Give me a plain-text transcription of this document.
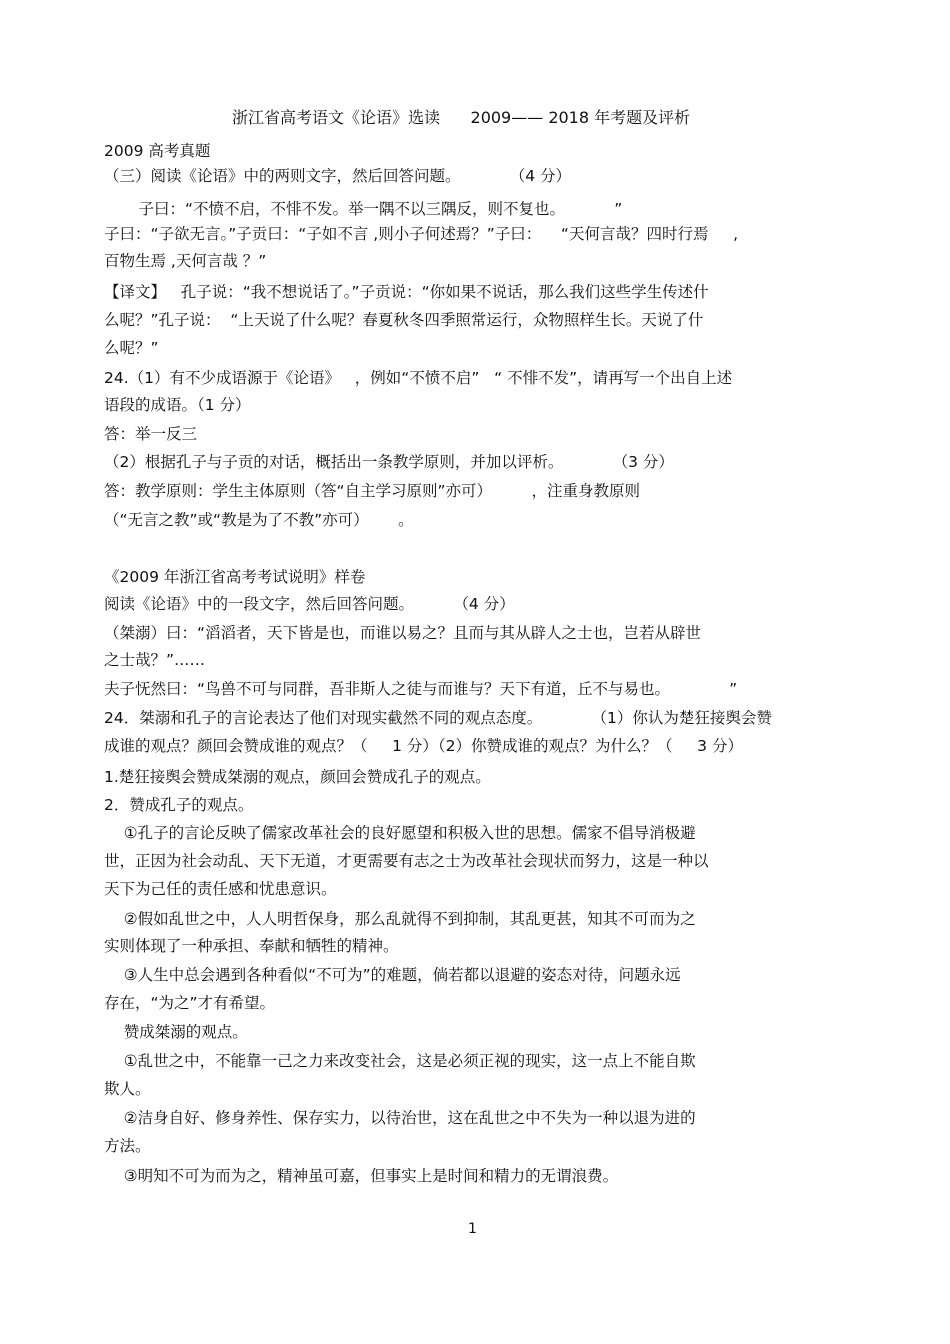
浙江省高考语文《论语》选读      2009—— 2018 年考题及评析
2009 高考真题
（三）阅读《论语》中的两则文字，然后回答问题。          （4 分）
子曰：“不愤不启，不悱不发。举一隅不以三隅反，则不复也。          ”
子曰：“子欲无言。”子贡曰：“子如不言 ,则小子何述焉？”子曰：    “天何言哉？四时行焉     ,
百物生焉 ,天何言哉 ？”
【译文】   孔子说：“我不想说话了。”子贡说：“你如果不说话，那么我们这些学生传述什
么呢？”孔子说：  “上天说了什么呢？春夏秋冬四季照常运行，众物照样生长。天说了什
么呢？”
24.（1）有不少成语源于《论语》   ，例如“不愤不启”   “ 不悱不发”，请再写一个出自上述
语段的成语。（1 分）
答：举一反三
（2）根据孔子与子贡的对话，概括出一条教学原则，并加以评析。          （3 分）
答：教学原则：学生主体原则（答“自主学习原则”亦可）        ，注重身教原则
（“无言之教”或“教是为了不教”亦可）      。
《2009 年浙江省高考考试说明》样卷
阅读《论语》中的一段文字，然后回答问题。        （4 分）
（桀溺）曰：“滔滔者，天下皆是也，而谁以易之？且而与其从辟人之士也，岂若从辟世
之士哉？”……
夫子怃然曰：“鸟兽不可与同群，吾非斯人之徒与而谁与？天下有道，丘不与易也。            ”
24．桀溺和孔子的言论表达了他们对现实截然不同的观点态度。          （1）你认为楚狂接舆会赞
成谁的观点？颜回会赞成谁的观点？（     1 分）（2）你赞成谁的观点？为什么？（     3 分）
1.楚狂接舆会赞成桀溺的观点，颜回会赞成孔子的观点。
2．赞成孔子的观点。
①孔子的言论反映了儒家改革社会的良好愿望和积极入世的思想。儒家不倡导消极避
世，正因为社会动乱、天下无道，才更需要有志之士为改革社会现状而努力，这是一种以
天下为己任的责任感和忧患意识。
②假如乱世之中，人人明哲保身，那么乱就得不到抑制，其乱更甚，知其不可而为之
实则体现了一种承担、奉献和牺牲的精神。
③人生中总会遇到各种看似“不可为”的难题，倘若都以退避的姿态对待，问题永远
存在，“为之”才有希望。
赞成桀溺的观点。
①乱世之中，不能靠一己之力来改变社会，这是必须正视的现实，这一点上不能自欺
欺人。
②洁身自好、修身养性、保存实力，以待治世，这在乱世之中不失为一种以退为进的
方法。
③明知不可为而为之，精神虽可嘉，但事实上是时间和精力的无谓浪费。
1
